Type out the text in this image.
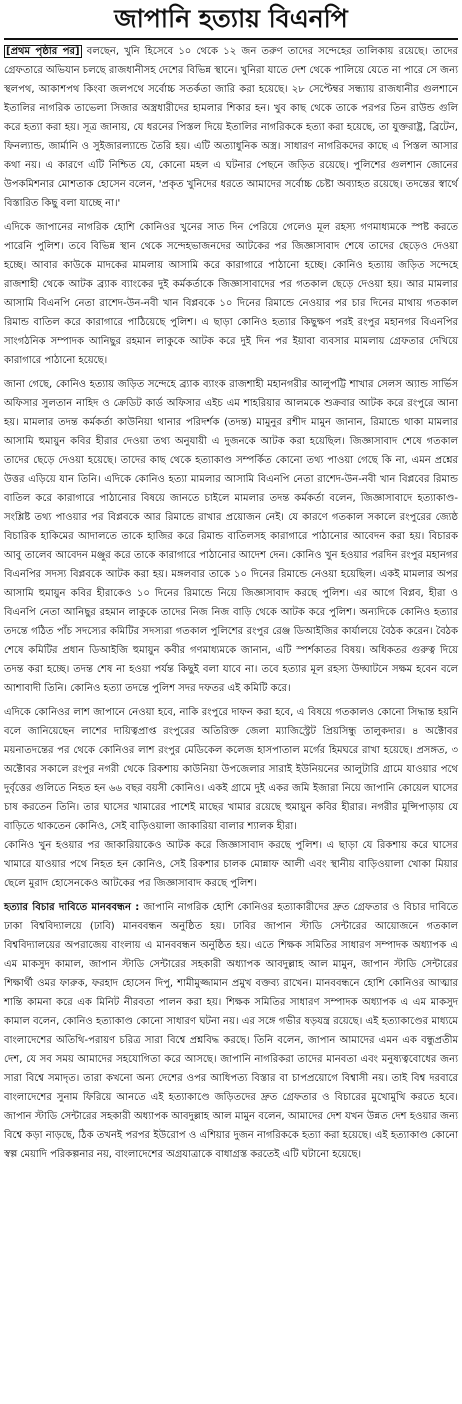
জাপানি হত্যায় বিএনপি

[প্রথম পৃষ্ঠার পর] বলছেন, খুনি হিসেবে ১০ থেকে ১২ জন তরুণ তাদের সন্দেহের তালিকায় রয়েছে। তাদের গ্রেফতারে অভিযান চলছে রাজধানীসহ দেশের বিভিন্ন স্থানে। খুনিরা যাতে দেশ থেকে পালিয়ে যেতে না পারে সে জন্য স্থলপথ, আকাশপথ কিংবা জলপথে সর্বোচ্চ সতর্কতা জারি করা হয়েছে। ২৮ সেপ্টেম্বর সন্ধ্যায় রাজধানীর গুলশানে ইতালির নাগরিক তাভেলা সিজার অস্ত্রধারীদের হামলার শিকার হন। খুব কাছ থেকে তাকে পরপর তিন রাউন্ড গুলি করে হত্যা করা হয়। সূত্র জানায়, যে ধরনের পিস্তল দিয়ে ইতালির নাগরিককে হত্যা করা হয়েছে, তা যুক্তরাষ্ট্র, ব্রিটেন, ফিনল্যান্ড, জার্মানি ও সুইজারল্যান্ডে তৈরি হয়। এটি অত্যাধুনিক অস্ত্র। সাধারণ নাগরিকদের কাছে এ পিস্তল আসার কথা নয়। এ কারণে এটি নিশ্চিত যে, কোনো মহল এ ঘটনার পেছনে জড়িত রয়েছে। পুলিশের গুলশান জোনের উপকমিশনার মোশতাক হোসেন বলেন, 'প্রকৃত খুনিদের ধরতে আমাদের সর্বোচ্চ চেষ্টা অব্যাহত রয়েছে। তদন্তের স্বার্থে বিস্তারিত কিছু বলা যাচ্ছে না।'

এদিকে জাপানের নাগরিক হোশি কোনিওর খুনের সাত দিন পেরিয়ে গেলেও মূল রহস্য গণমাধ্যমকে স্পষ্ট করতে পারেনি পুলিশ। তবে বিভিন্ন স্থান থেকে সন্দেহভাজনদের আটকের পর জিজ্ঞাসাবাদ শেষে তাদের ছেড়েও দেওয়া হচ্ছে। আবার কাউকে মাদকের মামলায় আসামি করে কারাগারে পাঠানো হচ্ছে। কোনিও হত্যায় জড়িত সন্দেহে রাজশাহী থেকে আটক ব্র্যাক ব্যাংকের দুই কর্মকর্তাকে জিজ্ঞাসাবাদের পর গতকাল ছেড়ে দেওয়া হয়। আর মামলার আসামি বিএনপি নেতা রাশেদ-উন-নবী খান বিপ্লবকে ১০ দিনের রিমান্ডে নেওয়ার পর চার দিনের মাথায় গতকাল রিমান্ড বাতিল করে কারাগারে পাঠিয়েছে পুলিশ। এ ছাড়া কোনিও হত্যার কিছুক্ষণ পরই রংপুর মহানগর বিএনপির সাংগঠনিক সম্পাদক আনিছুর রহমান লাকুকে আটক করে দুই দিন পর ইয়াবা ব্যবসার মামলায় গ্রেফতার দেখিয়ে কারাগারে পাঠানো হয়েছে।

জানা গেছে, কোনিও হত্যায় জড়িত সন্দেহে ব্র্যাক ব্যাংক রাজশাহী মহানগরীর আলুপট্টি শাখার সেলস অ্যান্ড সার্ভিস অফিসার সুলতান নাহিদ ও ক্রেডিট কার্ড অফিসার এইচ এম শাহরিয়ার আলমকে শুক্রবার আটক করে রংপুরে আনা হয়। মামলার তদন্ত কর্মকর্তা কাউনিয়া থানার পরিদর্শক (তদন্ত) মামুনুর রশীদ মামুন জানান, রিমান্ডে থাকা মামলার আসামি হুমায়ুন কবির হীরার দেওয়া তথ্য অনুযায়ী এ দুজনকে আটক করা হয়েছিল। জিজ্ঞাসাবাদ শেষে গতকাল তাদের ছেড়ে দেওয়া হয়েছে। তাদের কাছ থেকে হত্যাকাণ্ড সম্পর্কিত কোনো তথ্য পাওয়া গেছে কি না, এমন প্রশ্নের উত্তর এড়িয়ে যান তিনি। এদিকে কোনিও হত্যা মামলার আসামি বিএনপি নেতা রাশেদ-উন-নবী খান বিপ্লবের রিমান্ড বাতিল করে কারাগারে পাঠানোর বিষয়ে জানতে চাইলে মামলার তদন্ত কর্মকর্তা বলেন, জিজ্ঞাসাবাদে হত্যাকাণ্ড-সংশ্লিষ্ট তথ্য পাওয়ার পর বিপ্লবকে আর রিমান্ডে রাখার প্রয়োজন নেই। যে কারণে গতকাল সকালে রংপুরের জ্যেষ্ঠ বিচারিক হাকিমের আদালতে তাকে হাজির করে রিমান্ড বাতিলসহ কারাগারে পাঠানোর আবেদন করা হয়। বিচারক আবু তালেব আবেদন মঞ্জুর করে তাকে কারাগারে পাঠানোর আদেশ দেন। কোনিও খুন হওয়ার পরদিন রংপুর মহানগর বিএনপির সদস্য বিপ্লবকে আটক করা হয়। মঙ্গলবার তাকে ১০ দিনের রিমান্ডে নেওয়া হয়েছিল। একই মামলার অপর আসামি হুমায়ুন কবির হীরাকেও ১০ দিনের রিমান্ডে নিয়ে জিজ্ঞাসাবাদ করছে পুলিশ। এর আগে বিপ্লব, হীরা ও বিএনপি নেতা আনিছুর রহমান লাকুকে তাদের নিজ নিজ বাড়ি থেকে আটক করে পুলিশ। অন্যদিকে কোনিও হত্যার তদন্তে গঠিত পাঁচ সদস্যের কমিটির সদস্যরা গতকাল পুলিশের রংপুর রেঞ্জ ডিআইজির কার্যালয়ে বৈঠক করেন। বৈঠক শেষে কমিটির প্রধান ডিআইজি হুমায়ুন কবীর গণমাধ্যমকে জানান, এটি স্পর্শকাতর বিষয়। অধিকতর গুরুত্ব দিয়ে তদন্ত করা হচ্ছে। তদন্ত শেষ না হওয়া পর্যন্ত কিছুই বলা যাবে না। তবে হত্যার মূল রহস্য উদ্ঘাটনে সক্ষম হবেন বলে আশাবাদী তিনি। কোনিও হত্যা তদন্তে পুলিশ সদর দফতর এই কমিটি করে।

এদিকে কোনিওর লাশ জাপানে নেওয়া হবে, নাকি রংপুরে দাফন করা হবে, এ বিষয়ে গতকালও কোনো সিদ্ধান্ত হয়নি বলে জানিয়েছেন লাশের দায়িত্বপ্রাপ্ত রংপুরের অতিরিক্ত জেলা ম্যাজিস্ট্রেট প্রিয়সিন্ধু তালুকদার। ৪ অক্টোবর ময়নাতদন্তের পর থেকে কোনিওর লাশ রংপুর মেডিকেল কলেজ হাসপাতাল মর্গের হিমঘরে রাখা হয়েছে। প্রসঙ্গত, ৩ অক্টোবর সকালে রংপুর নগরী থেকে রিকশায় কাউনিয়া উপজেলার সারাই ইউনিয়নের আলুটারি গ্রামে যাওয়ার পথে দুর্বৃত্তের গুলিতে নিহত হন ৬৬ বছর বয়সী কোনিও। একই গ্রামে দুই একর জমি ইজারা নিয়ে জাপানি কোয়েল ঘাসের চাষ করতেন তিনি। তার ঘাসের খামারের পাশেই মাছের খামার রয়েছে হুমায়ুন কবির হীরার। নগরীর মুন্সিপাড়ায় যে বাড়িতে থাকতেন কোনিও, সেই বাড়িওয়ালা জাকারিয়া বালার শ্যালক হীরা।

কোনিও খুন হওয়ার পর জাকারিয়াকেও আটক করে জিজ্ঞাসাবাদ করছে পুলিশ। এ ছাড়া যে রিকশায় করে ঘাসের খামারে যাওয়ার পথে নিহত হন কোনিও, সেই রিকশার চালক মোন্নাফ আলী এবং স্থানীয় বাড়িওয়ালা খোকা মিয়ার ছেলে মুরাদ হোসেনকেও আটকের পর জিজ্ঞাসাবাদ করছে পুলিশ।

হত্যার বিচার দাবিতে মানববন্ধন : জাপানি নাগরিক হোশি কোনিওর হত্যাকারীদের দ্রুত গ্রেফতার ও বিচার দাবিতে ঢাকা বিশ্ববিদ্যালয়ে (ঢাবি) মানববন্ধন অনুষ্ঠিত হয়। ঢাবির জাপান স্টাডি সেন্টারের আয়োজনে গতকাল বিশ্ববিদ্যালয়ের অপরাজেয় বাংলায় এ মানববন্ধন অনুষ্ঠিত হয়। এতে শিক্ষক সমিতির সাধারণ সম্পাদক অধ্যাপক এ এম মাকসুদ কামাল, জাপান স্টাডি সেন্টারের সহকারী অধ্যাপক আবদুল্লাহ আল মামুন, জাপান স্টাডি সেন্টারের শিক্ষার্থী ওমর ফারুক, ফরহাদ হোসেন দিপু, শামীমুজ্জামান প্রমুখ বক্তব্য রাখেন। মানববন্ধনে হোশি কোনিওর আত্মার শান্তি কামনা করে এক মিনিট নীরবতা পালন করা হয়। শিক্ষক সমিতির সাধারণ সম্পাদক অধ্যাপক এ এম মাকসুদ কামাল বলেন, কোনিও হত্যাকাণ্ড কোনো সাধারণ ঘটনা নয়। এর সঙ্গে গভীর ষড়যন্ত্র রয়েছে। এই হত্যাকাণ্ডের মাধ্যমে বাংলাদেশের অতিথি-পরায়ণ চরিত্র সারা বিশ্বে প্রশ্নবিদ্ধ করছে। তিনি বলেন, জাপান আমাদের এমন এক বন্ধুপ্রতীম দেশ, যে সব সময় আমাদের সহযোগিতা করে আসছে। জাপানি নাগরিকরা তাদের মানবতা এবং মনুষ্যত্ববোধের জন্য সারা বিশ্বে সমাদৃত। তারা কখনো অন্য দেশের ওপর আধিপত্য বিস্তার বা চাপপ্রয়োগে বিশ্বাসী নয়। তাই বিশ্ব দরবারে বাংলাদেশের সুনাম ফিরিয়ে আনতে এই হত্যাকাণ্ডে জড়িতদের দ্রুত গ্রেফতার ও বিচারের মুখোমুখি করতে হবে। জাপান স্টাডি সেন্টারের সহকারী অধ্যাপক আবদুল্লাহ আল মামুন বলেন, আমাদের দেশ যখন উন্নত দেশ হওয়ার জন্য বিশ্বে কড়া নাড়ছে, ঠিক তখনই পরপর ইউরোপ ও এশিয়ার দুজন নাগরিককে হত্যা করা হয়েছে। এই হত্যাকাণ্ড কোনো স্বল্প মেয়াদি পরিকল্পনার নয়, বাংলাদেশের অগ্রযাত্রাকে বাধাগ্রস্ত করতেই এটি ঘটানো হয়েছে।
